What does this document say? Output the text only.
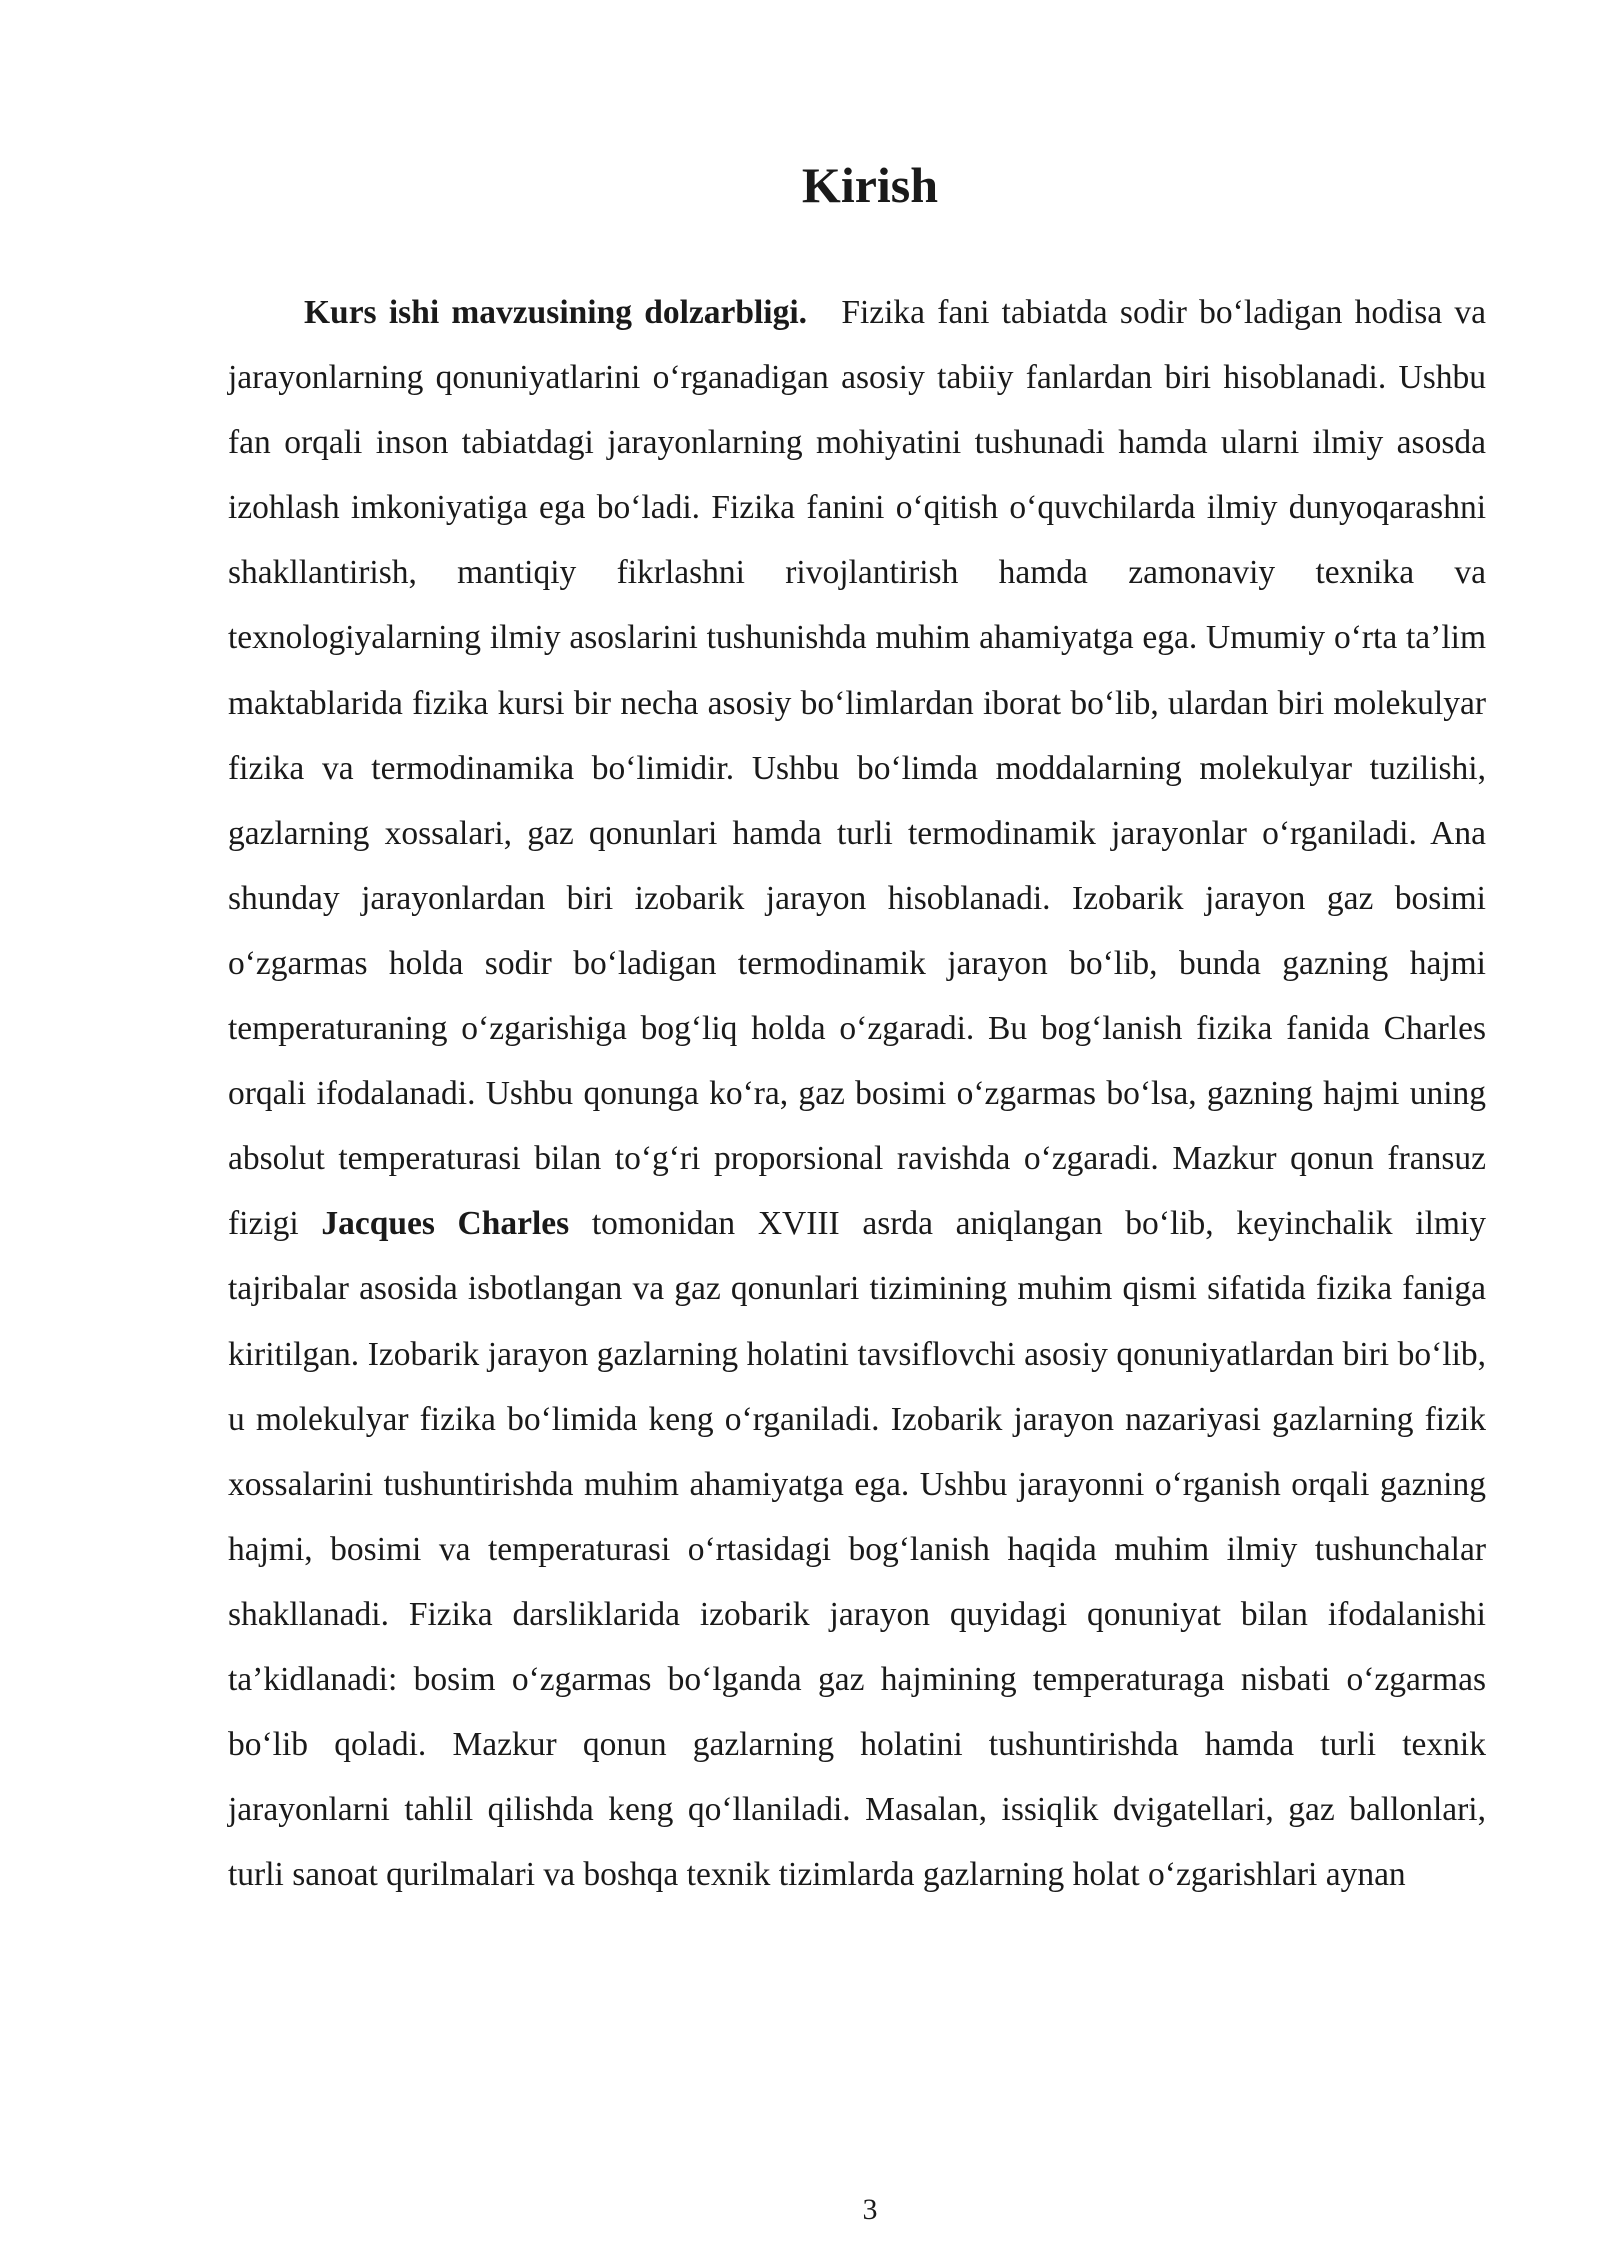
Kirish

Kurs ishi mavzusining dolzarbligi. Fizika fani tabiatda sodir bo‘ladigan hodisa va jarayonlarning qonuniyatlarini o‘rganadigan asosiy tabiiy fanlardan biri hisoblanadi. Ushbu fan orqali inson tabiatdagi jarayonlarning mohiyatini tushunadi hamda ularni ilmiy asosda izohlash imkoniyatiga ega bo‘ladi. Fizika fanini o‘qitish o‘quvchilarda ilmiy dunyoqarashni shakllantirish, mantiqiy fikrlashni rivojlantirish hamda zamonaviy texnika va texnologiyalarning ilmiy asoslarini tushunishda muhim ahamiyatga ega. Umumiy o‘rta ta’lim maktablarida fizika kursi bir necha asosiy bo‘limlardan iborat bo‘lib, ulardan biri molekulyar fizika va termodinamika bo‘limidir. Ushbu bo‘limda moddalarning molekulyar tuzilishi, gazlarning xossalari, gaz qonunlari hamda turli termodinamik jarayonlar o‘rganiladi. Ana shunday jarayonlardan biri izobarik jarayon hisoblanadi. Izobarik jarayon gaz bosimi o‘zgarmas holda sodir bo‘ladigan termodinamik jarayon bo‘lib, bunda gazning hajmi temperaturaning o‘zgarishiga bog‘liq holda o‘zgaradi. Bu bog‘lanish fizika fanida Charles orqali ifodalanadi. Ushbu qonunga ko‘ra, gaz bosimi o‘zgarmas bo‘lsa, gazning hajmi uning absolut temperaturasi bilan to‘g‘ri proporsional ravishda o‘zgaradi. Mazkur qonun fransuz fizigi Jacques Charles tomonidan XVIII asrda aniqlangan bo‘lib, keyinchalik ilmiy tajribalar asosida isbotlangan va gaz qonunlari tizimining muhim qismi sifatida fizika faniga kiritilgan. Izobarik jarayon gazlarning holatini tavsiflovchi asosiy qonuniyatlardan biri bo‘lib, u molekulyar fizika bo‘limida keng o‘rganiladi. Izobarik jarayon nazariyasi gazlarning fizik xossalarini tushuntirishda muhim ahamiyatga ega. Ushbu jarayonni o‘rganish orqali gazning hajmi, bosimi va temperaturasi o‘rtasidagi bog‘lanish haqida muhim ilmiy tushunchalar shakllanadi. Fizika darsliklarida izobarik jarayon quyidagi qonuniyat bilan ifodalanishi ta’kidlanadi: bosim o‘zgarmas bo‘lganda gaz hajmining temperaturaga nisbati o‘zgarmas bo‘lib qoladi. Mazkur qonun gazlarning holatini tushuntirishda hamda turli texnik jarayonlarni tahlil qilishda keng qo‘llaniladi. Masalan, issiqlik dvigatellari, gaz ballonlari, turli sanoat qurilmalari va boshqa texnik tizimlarda gazlarning holat o‘zgarishlari aynan

3
